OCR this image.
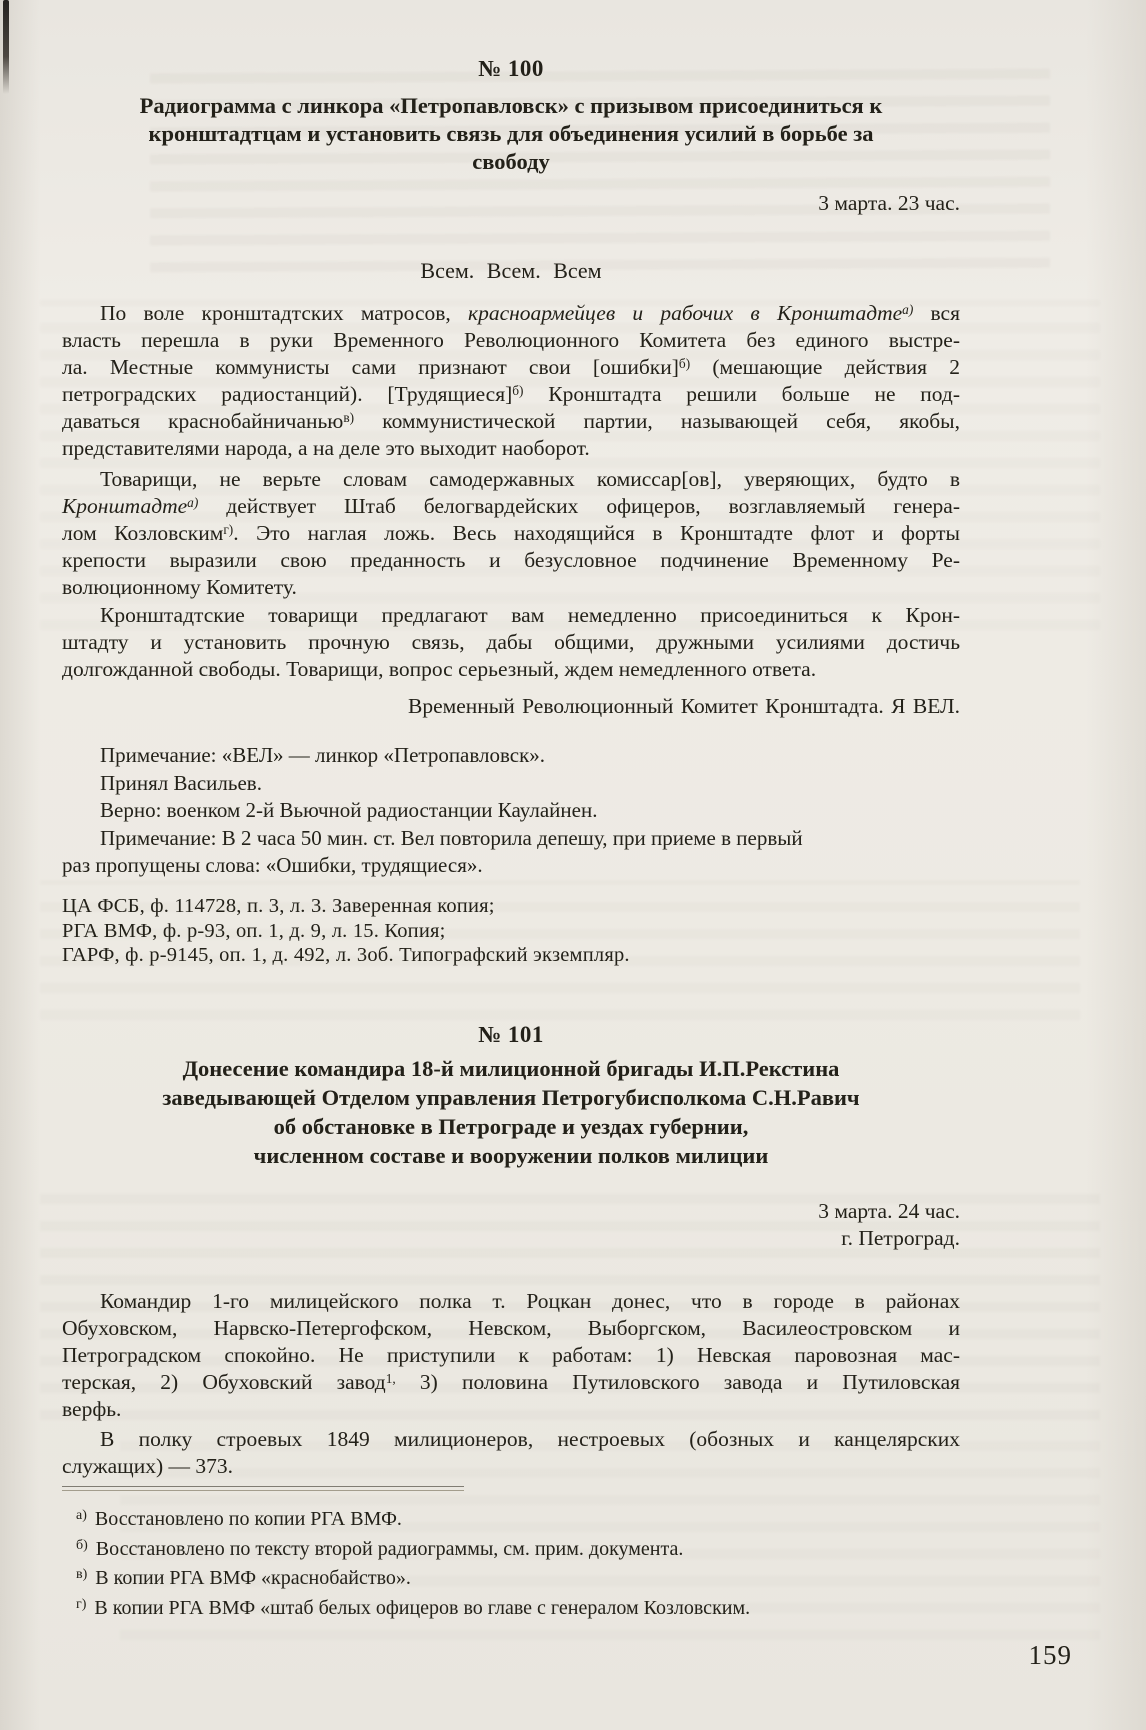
№ 100
Радиограмма с линкора «Петропавловск» с призывом присоединиться к
кронштадтцам и установить связь для объединения усилий в борьбе за
свободу
3 марта. 23 час.
Всем. Всем. Всем
По воле кронштадтских матросов, красноармейцев и рабочих в Кронштадте$^{а)}$ вся
власть перешла в руки Временного Революционного Комитета без единого выстре-
ла. Местные коммунисты сами признают свои [ошибки]$^{б)}$ (мешающие действия 2
петроградских радиостанций). [Трудящиеся]$^{б)}$ Кронштадта решили больше не под-
даваться краснобайничанью$^{в)}$ коммунистической партии, называющей себя, якобы,
представителями народа, а на деле это выходит наоборот.
Товарищи, не верьте словам самодержавных комиссар[ов], уверяющих, будто в
Кронштадте$^{а)}$ действует Штаб белогвардейских офицеров, возглавляемый генера-
лом Козловским$^{г)}$. Это наглая ложь. Весь находящийся в Кронштадте флот и форты
крепости выразили свою преданность и безусловное подчинение Временному Ре-
волюционному Комитету.
Кронштадтские товарищи предлагают вам немедленно присоединиться к Крон-
штадту и установить прочную связь, дабы общими, дружными усилиями достичь
долгожданной свободы. Товарищи, вопрос серьезный, ждем немедленного ответа.
Временный Революционный Комитет Кронштадта. Я ВЕЛ.
Примечание: «ВЕЛ» — линкор «Петропавловск».
Принял Васильев.
Верно: военком 2-й Вьючной радиостанции Каулайнен.
Примечание: В 2 часа 50 мин. ст. Вел повторила депешу, при приеме в первый
раз пропущены слова: «Ошибки, трудящиеся».
ЦА ФСБ, ф. 114728, п. 3, л. 3. Заверенная копия;
РГА ВМФ, ф. р-93, оп. 1, д. 9, л. 15. Копия;
ГАРФ, ф. р-9145, оп. 1, д. 492, л. 3об. Типографский экземпляр.
№ 101
Донесение командира 18-й милиционной бригады И.П.Рекстина
заведывающей Отделом управления Петрогубисполкома С.Н.Равич
об обстановке в Петрограде и уездах губернии,
численном составе и вооружении полков милиции
3 марта. 24 час.
г. Петроград.
Командир 1-го милицейского полка т. Роцкан донес, что в городе в районах
Обуховском, Нарвско-Петергофском, Невском, Выборгском, Василеостровском и
Петроградском спокойно. Не приступили к работам: 1) Невская паровозная мас-
терская, 2) Обуховский завод$^{1,}$ 3) половина Путиловского завода и Путиловская
верфь.
В полку строевых 1849 милиционеров, нестроевых (обозных и канцелярских
служащих) — 373.
$^{а)}$ Восстановлено по копии РГА ВМФ.
$^{б)}$ Восстановлено по тексту второй радиограммы, см. прим. документа.
$^{в)}$ В копии РГА ВМФ «краснобайство».
$^{г)}$ В копии РГА ВМФ «штаб белых офицеров во главе с генералом Козловским.
159
